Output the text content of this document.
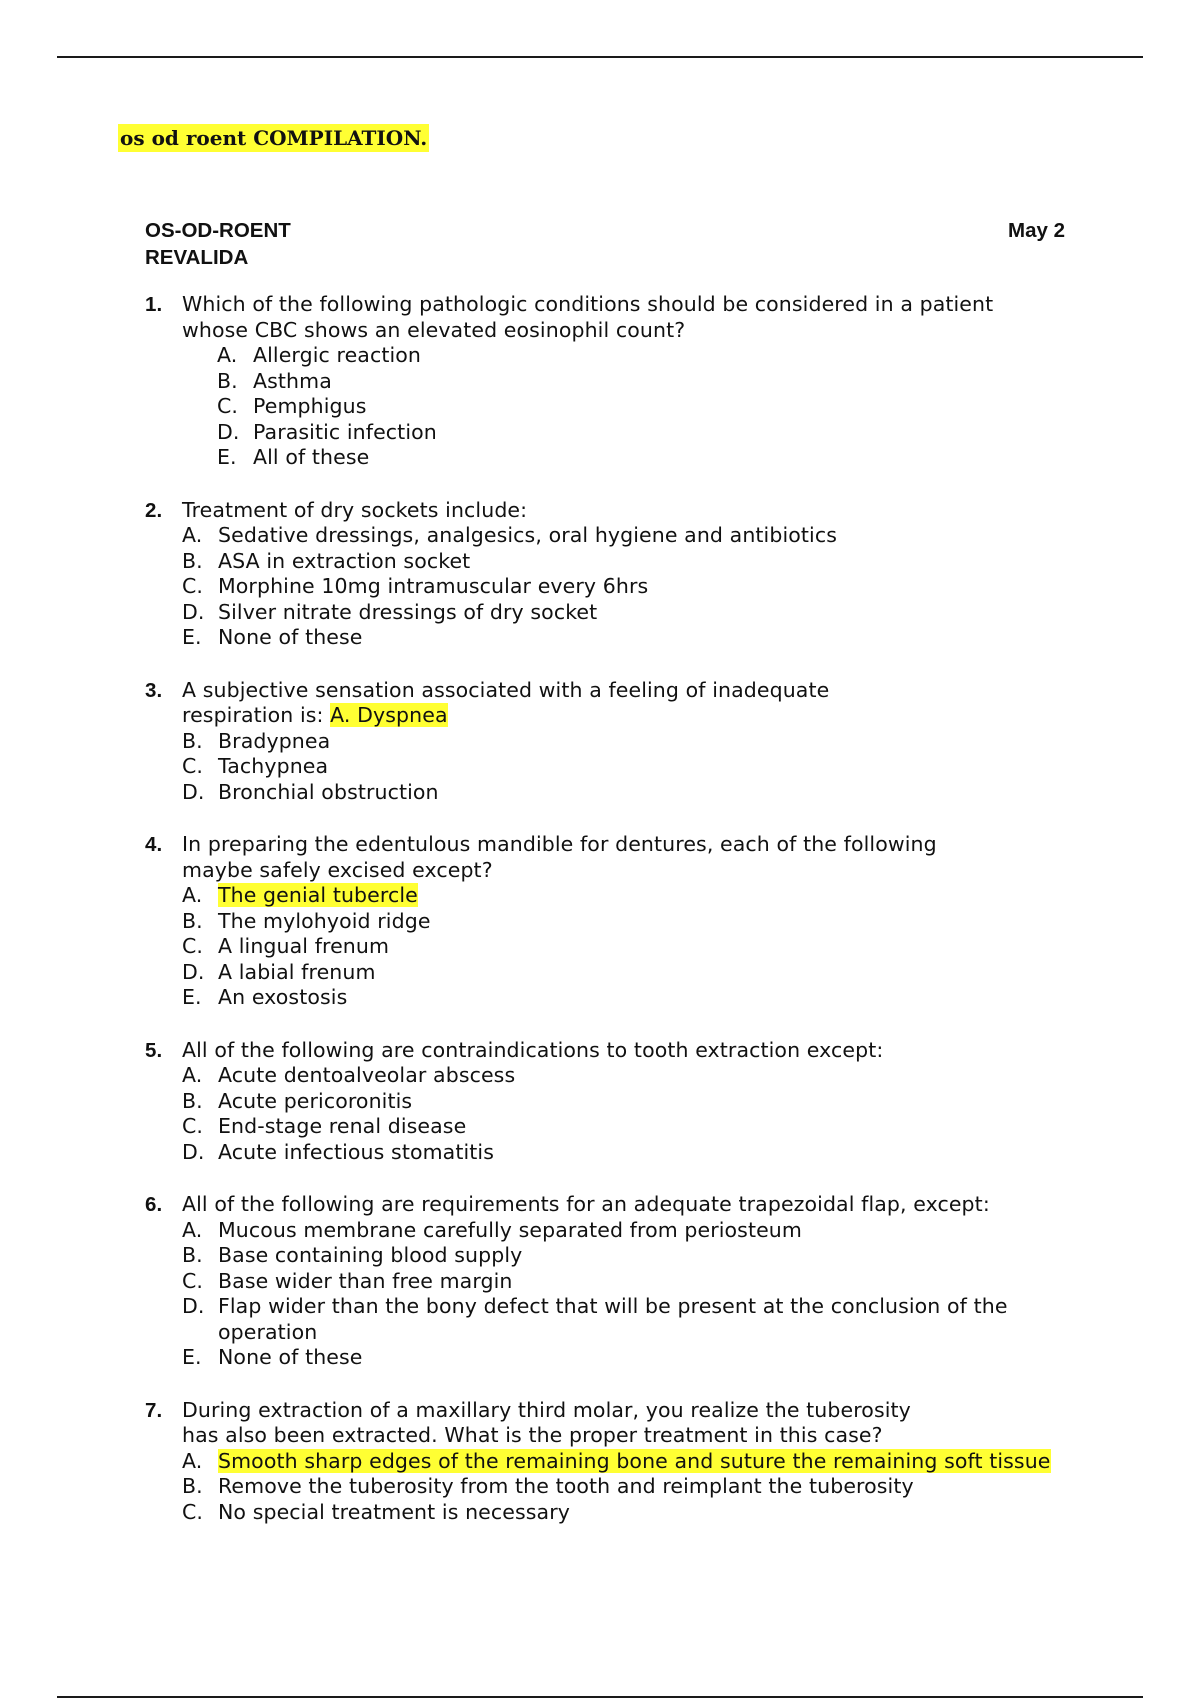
os od roent COMPILATION.
OS-OD-ROENT
REVALIDA
May 2
1. Which of the following pathologic conditions should be considered in a patient whose CBC shows an elevated eosinophil count?
A. Allergic reaction
B. Asthma
C. Pemphigus
D. Parasitic infection
E. All of these
2. Treatment of dry sockets include:
A. Sedative dressings, analgesics, oral hygiene and antibiotics
B. ASA in extraction socket
C. Morphine 10mg intramuscular every 6hrs
D. Silver nitrate dressings of dry socket
E. None of these
3. A subjective sensation associated with a feeling of inadequate
respiration is: A. Dyspnea
B. Bradypnea
C. Tachypnea
D. Bronchial obstruction
4. In preparing the edentulous mandible for dentures, each of the following maybe safely excised except?
A. The genial tubercle
B. The mylohyoid ridge
C. A lingual frenum
D. A labial frenum
E. An exostosis
5. All of the following are contraindications to tooth extraction except:
A. Acute dentoalveolar abscess
B. Acute pericoronitis
C. End-stage renal disease
D. Acute infectious stomatitis
6. All of the following are requirements for an adequate trapezoidal flap, except:
A. Mucous membrane carefully separated from periosteum
B. Base containing blood supply
C. Base wider than free margin
D. Flap wider than the bony defect that will be present at the conclusion of the operation
E. None of these
7. During extraction of a maxillary third molar, you realize the tuberosity
has also been extracted. What is the proper treatment in this case?
A. Smooth sharp edges of the remaining bone and suture the remaining soft tissue
B. Remove the tuberosity from the tooth and reimplant the tuberosity
C. No special treatment is necessary
